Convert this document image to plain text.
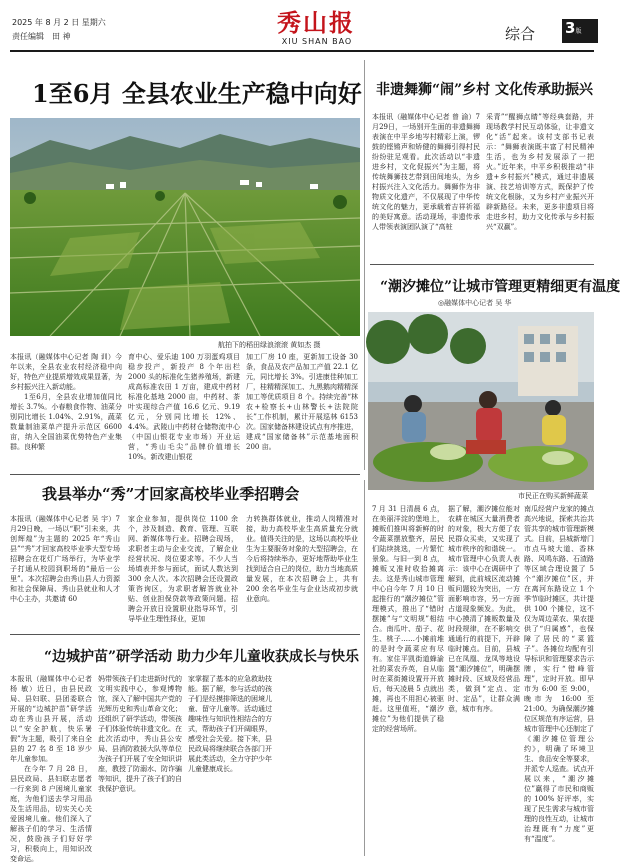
2025 年 8 月 2 日 星期六
责任编辑　田 神	秀山报
XIU SHAN BAO	综合 3版
1至6月 全县农业生产稳中向好
航拍下的稻田绿浪滚滚 黄如杰 摄

本报讯（融媒体中心记者 陶 训）今年以来，全县农业农村经济稳中向好，特色产业提质增效成果显著，为乡村振兴注入新动能。

1至6月，全县农业增加值同比增长 3.7%。小春粮食作物、油菜分别同比增长 1.04%、2.91%，蔬菜数量制油菜单产提升示范区 6600 亩，纳入全国油菜优势特色产业集群。良种繁

育中心、爱乐迪 100 万羽蛋鸡项目稳步投产，新投产 8 个年出栏 2000 头的标准化生猪养殖场，新建成高标准农田 1 万亩，建成中药材标准化基地 2000 亩，中药材、茶叶实现综合产值 16.6 亿元、9.19 亿元，分别同比增长 12%、4.4%。武陵山中药材仓储物流中心（中国山银花专业市场）开业运营，“秀山毛尖”品牌价值增长 10%。新改建山银花

加工厂房 10 座，更新加工设备 30 条，食品及农产品加工产值 22.1 亿元，同比增长 3%。引进康佳种加工厂，桂精精深加工、九黑鹅肉精精深加工等优质项目 8 个。持续完善“林农+检察长+山林警长+法院院长”工作机制，累计开展巡林 6153 次。国家储备林建设试点有序推进，建成“国家储备林”示范基地面积 200 亩。

非遗舞狮“闹”乡村 文化传承助振兴

本报讯（融媒体中心记者 曾 渝）7月29日，一场别开生面的非遗舞狮表演在中平乡地岑村精彩上演，锣鼓的铿锵声和矫健的舞狮引得村民纷纷驻足观看。此次活动以“非遗进乡村，文化促振兴”为主题，将传统舞狮技艺带到田间地头，为乡村振兴注入文化活力。舞狮作为非物质文化遗产，不仅展现了中华传统文化的魅力，更承载着吉祥祈福的美好寓意。活动现场，非遗传承人带领表演团队演了“高桩

采青”“醒狮点睛”等经典套路，并现场教学村民互动体验，让非遗文化“活”起来。该村支部书记表示：“舞狮表演既丰富了村民精神生活，也为乡村发展添了一把火。”近年来，中平乡积极推动“非遗+乡村振兴”模式，通过非遗展演、技艺培训等方式，既保护了传统文化根脉，又为乡村产业振兴开辟新路径。未来，更多非遗项目将走进乡村，助力文化传承与乡村振兴“双赢”。

“潮汐摊位”让城市管理更精细更有温度
◎融媒体中心记者 吴 华
市民正在购买新鲜蔬菜

7 月 31 日清晨 6 点，在美丽洋淀的堡地上，摊贩们推叫将新鲜的时令蔬菜摆放整齐，居民们陆续挑选，一片繁忙景象。与旧一到 8 点，摊贩又准时收拾摊离去。这是秀山城市管理中心自今年 7 月 10 日起推行的“潮汐摊位”管理模式，推出了“错时摆摊”与“文明规”相结合。南瓜叶、茄子、花生、桃子……小摊前堆的是时令蔬菜应有尽有。家住平凯街道蜂渝社的菜农乔英，自从临时在菜街摊设置开开放后，每天凌晨 5 点就出摊，再也不用担心被驱赶。这里值班，“潮汐摊位”为他们提供了稳定的经营场所。

据了解，潮汐摊位能对农耕在城区大量消费者的对象，极大方便了农民群众买卖，又实现了城市秩序的和谐统一。城市管理中心负责人表示：该中心在调研中了解到，此前城区流动摊贩问题较为突出，一方面影响市容，另一方面占道现象频发。为此，中心摸清了摊贩数量及时段规律，在不影响交通通行的前提下，开辟临时摊点。目前，县城已在凤凰、龙凤等地设置“潮汐摊位”，明确摆摊时段、区域及经营品类，做到“定点、定时、定品”，让群众满意，城市有序。

南瓜经营户龙家的摊点高兴地说，探索共治共管共享的城市管理新模式。目前，县城新增门市点马坡大道、香林路、风鸣东路、石渣路等区域合理设置了 5 个“潮汐摊位”区，并在离河东路设立 1 个季节临时摊区，共计提供 100 个摊位，这不仅为周边菜农、果农提供了“归属感”，也保障了居民的“菜篮子”。各摊位均配有引导标识和管理要求告示牌，实行“错峰管理”，定时开放。即早市为 6:00 至 9:00，晚市为 16:00 至 21:00。为确保潮汐摊位区规范有序运营，县城市管理中心还制定了《潮汐摊位管理公约》，明确了环境卫生、食品安全等要求，并派专人巡查。试点开展以来，“潮汐摊位”赢得了市民和商贩的 100% 好评率，实现了民生需求与城市管理的良性互动，让城市治理既有“力度”更有“温度”。

我县举办“秀”才回家高校毕业季招聘会

本报讯（融媒体中心记者 吴 宇）7月29日晚，一场以“职”引未来，共创辉煌”为主题的 2025 年“秀山县”“秀”才回家高校毕业季大型专场招聘会在花灯广场举行，为毕业学子打通从校园到职场的“最后一公里”。本次招聘会由秀山县人力资源和社会保障局、秀山县就业和人才中心主办，共邀请 60

家企业参加，提供岗位 1100 余个，涉及制造、教育、管理、互联网、新媒体等行业。招聘会现场，求职者主动与企业交流，了解企业经营状况、岗位要求等。不少人当场填表并参与面试，面试人数达到 300 余人次。本次招聘会还设置政策咨询区，为求职者解答就业补贴、创业担保贷款等政策问题。招聘会开放日设置职业指导环节，引导毕业生理性择业，更加

力转换群体就业，推动人岗精准对接，助力高校毕业生高质量充分就业。值得关注的是，这场以高校毕业生为主要服务对象的大型招聘会，在今后将持续举办，更好地帮助毕业生找到适合自己的岗位，助力当地高质量发展，在本次招聘会上，共有 200 余名毕业生与企业达成初步就业意向。

“边城护苗”研学活动 助力少年儿童收获成长与快乐

本报讯（融媒体中心记者 杨 敏）近日，由县民政局、县妇联、县团委联合开展的“边城护苗”研学活动在秀山县开展，活动以“安全护航，快乐暑假”为主题，吸引了来自全县的 27 名 8 至 18 岁少年儿童参加。

在今年 7 月 28 日，县民政局、县妇联志愿者一行来到 8 户困境儿童家庭，为他们送去学习用品及生活用品，切实关心关爱困境儿童。他们深入了解孩子们的学习、生活情况，鼓励孩子们好好学习，积极向上，用知识改变命运。

妈带领孩子们走进新时代的文明实践中心，参观博物馆，深入了解中国共产党的光辉历史和秀山革命文化；还组织了研学活动，带领孩子们体验传统非遗文化。在此次活动中，秀山县公安局、县消防救援大队等单位为孩子们开展了安全知识讲座，教授了防溺水、防诈骗等知识，提升了孩子们的自我保护意识。

家掌握了基本的应急救助技能。据了解，参与活动的孩子们是经摸排筛选的困境儿童、留守儿童等。活动通过趣味性与知识性相结合的方式，帮助孩子们开阔眼界，感受社会关爱。接下来，县民政局将继续联合各部门开展此类活动，全力守护少年儿童健康成长。
